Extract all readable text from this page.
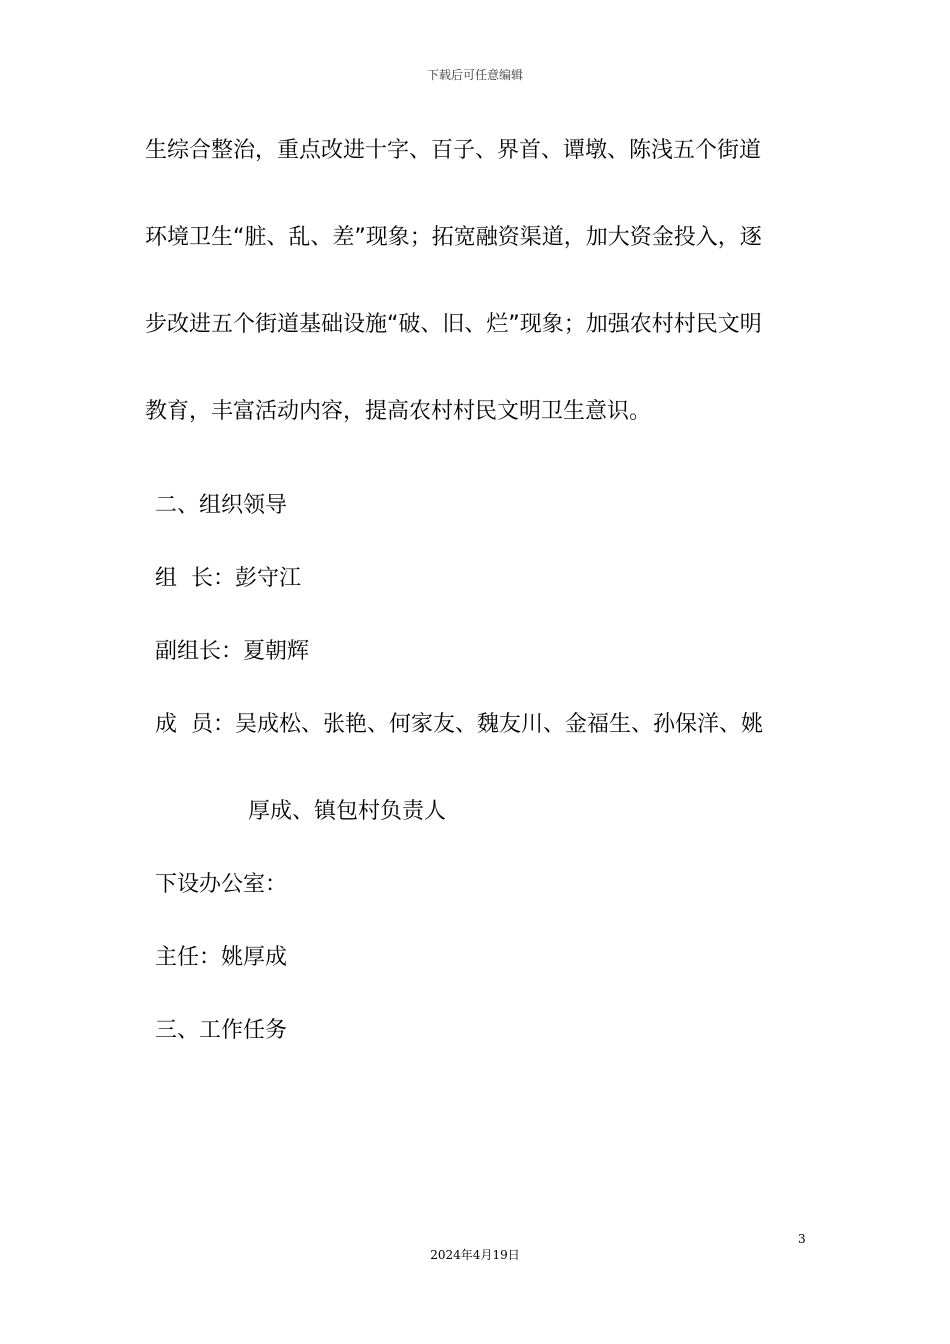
下载后可任意编辑
生综合整治，重点改进十字、百子、界首、谭墩、陈浅五个街道
环境卫生“脏、乱、差”现象；拓宽融资渠道，加大资金投入，逐
步改进五个街道基础设施“破、旧、烂”现象；加强农村村民文明
教育，丰富活动内容，提高农村村民文明卫生意识。
二、组织领导
组  长：彭守江
副组长：夏朝辉
成  员：吴成松、张艳、何家友、魏友川、金福生、孙保洋、姚
厚成、镇包村负责人
下设办公室：
主任：姚厚成
三、工作任务
3
2024年4月19日
